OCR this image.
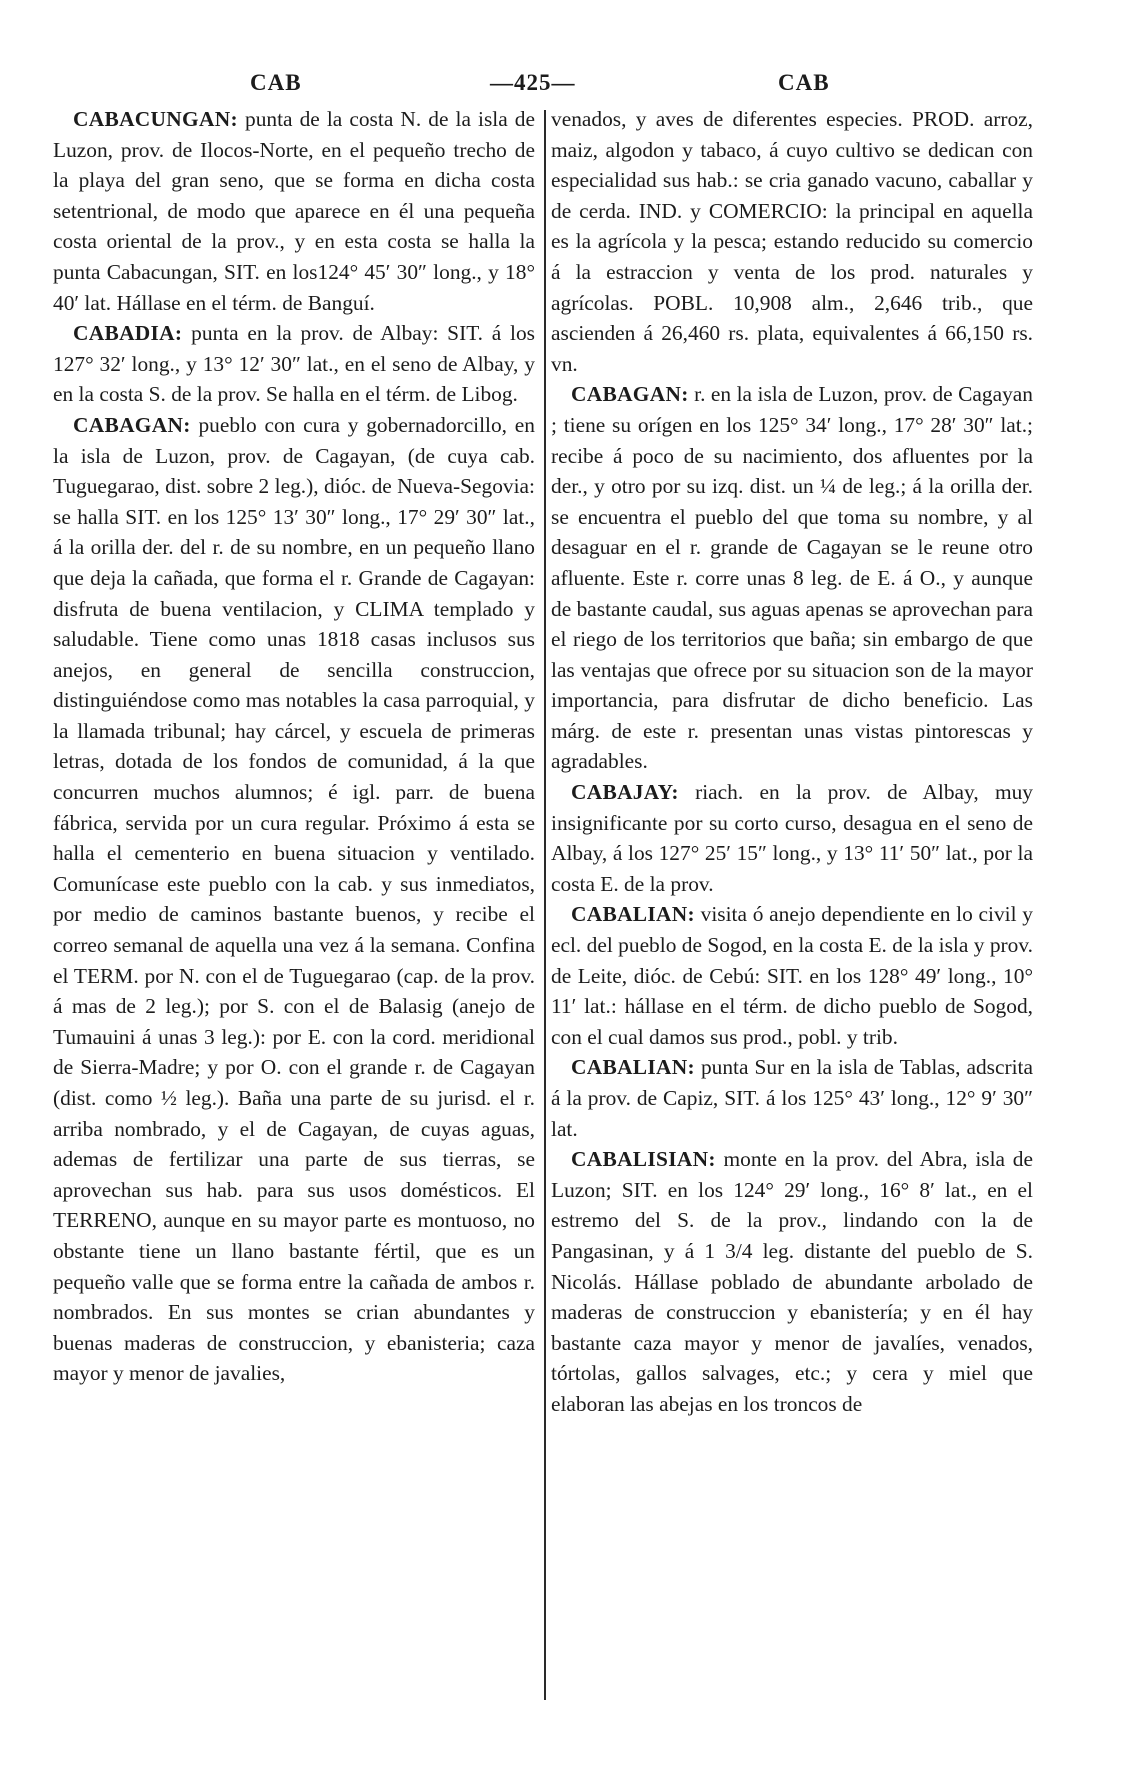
CAB	—425—	CAB

CABACUNGAN: punta de la costa N. de la isla de Luzon, prov. de Ilocos-Norte, en el pequeño trecho de la playa del gran seno, que se forma en dicha costa setentrional, de modo que aparece en él una pequeña costa oriental de la prov., y en esta costa se halla la punta Cabacungan, SIT. en los124° 45′ 30″ long., y 18° 40′ lat. Hállase en el térm. de Banguí.

CABADIA: punta en la prov. de Albay: SIT. á los 127° 32′ long., y 13° 12′ 30″ lat., en el seno de Albay, y en la costa S. de la prov. Se halla en el térm. de Libog.

CABAGAN: pueblo con cura y gobernadorcillo, en la isla de Luzon, prov. de Cagayan, (de cuya cab. Tuguegarao, dist. sobre 2 leg.), dióc. de Nueva-Segovia: se halla SIT. en los 125° 13′ 30″ long., 17° 29′ 30″ lat., á la orilla der. del r. de su nombre, en un pequeño llano que deja la cañada, que forma el r. Grande de Cagayan: disfruta de buena ventilacion, y CLIMA templado y saludable. Tiene como unas 1818 casas inclusos sus anejos, en general de sencilla construccion, distinguiéndose como mas notables la casa parroquial, y la llamada tribunal; hay cárcel, y escuela de primeras letras, dotada de los fondos de comunidad, á la que concurren muchos alumnos; é igl. parr. de buena fábrica, servida por un cura regular. Próximo á esta se halla el cementerio en buena situacion y ventilado. Comunícase este pueblo con la cab. y sus inmediatos, por medio de caminos bastante buenos, y recibe el correo semanal de aquella una vez á la semana. Confina el TERM. por N. con el de Tuguegarao (cap. de la prov. á mas de 2 leg.); por S. con el de Balasig (anejo de Tumauini á unas 3 leg.): por E. con la cord. meridional de Sierra-Madre; y por O. con el grande r. de Cagayan (dist. como ½ leg.). Baña una parte de su jurisd. el r. arriba nombrado, y el de Cagayan, de cuyas aguas, ademas de fertilizar una parte de sus tierras, se aprovechan sus hab. para sus usos domésticos. El TERRENO, aunque en su mayor parte es montuoso, no obstante tiene un llano bastante fértil, que es un pequeño valle que se forma entre la cañada de ambos r. nombrados. En sus montes se crian abundantes y buenas maderas de construccion, y ebanisteria; caza mayor y menor de javalies,

venados, y aves de diferentes especies. PROD. arroz, maiz, algodon y tabaco, á cuyo cultivo se dedican con especialidad sus hab.: se cria ganado vacuno, caballar y de cerda. IND. y COMERCIO: la principal en aquella es la agrícola y la pesca; estando reducido su comercio á la estraccion y venta de los prod. naturales y agrícolas. POBL. 10,908 alm., 2,646 trib., que ascienden á 26,460 rs. plata, equivalentes á 66,150 rs. vn.

CABAGAN: r. en la isla de Luzon, prov. de Cagayan ; tiene su orígen en los 125° 34′ long., 17° 28′ 30″ lat.; recibe á poco de su nacimiento, dos afluentes por la der., y otro por su izq. dist. un ¼ de leg.; á la orilla der. se encuentra el pueblo del que toma su nombre, y al desaguar en el r. grande de Cagayan se le reune otro afluente. Este r. corre unas 8 leg. de E. á O., y aunque de bastante caudal, sus aguas apenas se aprovechan para el riego de los territorios que baña; sin embargo de que las ventajas que ofrece por su situacion son de la mayor importancia, para disfrutar de dicho beneficio. Las márg. de este r. presentan unas vistas pintorescas y agradables.

CABAJAY: riach. en la prov. de Albay, muy insignificante por su corto curso, desagua en el seno de Albay, á los 127° 25′ 15″ long., y 13° 11′ 50″ lat., por la costa E. de la prov.

CABALIAN: visita ó anejo dependiente en lo civil y ecl. del pueblo de Sogod, en la costa E. de la isla y prov. de Leite, dióc. de Cebú: SIT. en los 128° 49′ long., 10° 11′ lat.: hállase en el térm. de dicho pueblo de Sogod, con el cual damos sus prod., pobl. y trib.

CABALIAN: punta Sur en la isla de Tablas, adscrita á la prov. de Capiz, SIT. á los 125° 43′ long., 12° 9′ 30″ lat.

CABALISIAN: monte en la prov. del Abra, isla de Luzon; SIT. en los 124° 29′ long., 16° 8′ lat., en el estremo del S. de la prov., lindando con la de Pangasinan, y á 1 3/4 leg. distante del pueblo de S. Nicolás. Hállase poblado de abundante arbolado de maderas de construccion y ebanistería; y en él hay bastante caza mayor y menor de javalíes, venados, tórtolas, gallos salvages, etc.; y cera y miel que elaboran las abejas en los troncos de
